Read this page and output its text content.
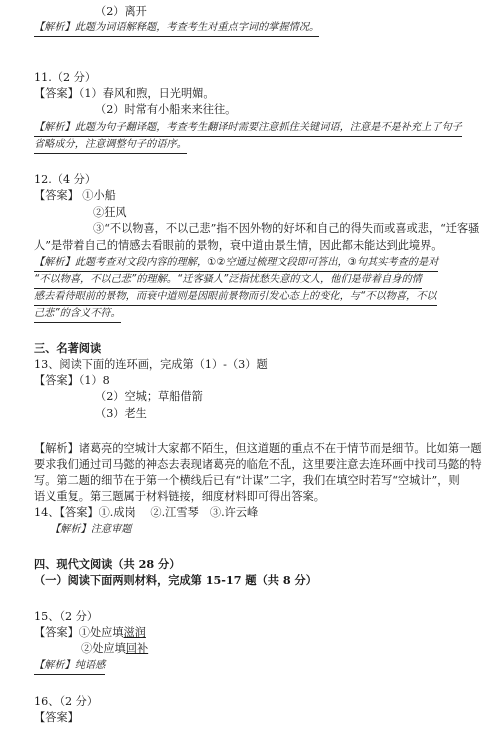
（2）离开
【解析】此题为词语解释题，考查考生对重点字词的掌握情况。
11.（2 分）
【答案】（1）春风和煦，日光明媚。
（2）时常有小船来来往往。
【解析】此题为句子翻译题，考查考生翻译时需要注意抓住关键词语，注意是不是补充上了句子
省略成分，注意调整句子的语序。
12.（4 分）
【答案】 ①小船
②狂风
③“不以物喜，不以己悲”指不因外物的好坏和自己的得失而或喜或悲，“迁客骚
人”是带着自己的情感去看眼前的景物，衰中道由景生情，因此都未能达到此境界。
【解析】此题考查对文段内容的理解，①②空通过梳理文段即可答出，③句其实考查的是对
“不以物喜，不以己悲”的理解。“迁客骚人”泛指忧愁失意的文人，他们是带着自身的情
感去看待眼前的景物，而衰中道则是因眼前景物而引发心态上的变化，与“不以物喜，不以
己悲”的含义不符。
三、名著阅读
13、阅读下面的连环画，完成第（1）-（3）题
【答案】（1）8
（2）空城；草船借箭
（3）老生
【解析】诸葛亮的空城计大家都不陌生，但这道题的重点不在于情节而是细节。比如第一题
要求我们通过司马懿的神态去表现诸葛亮的临危不乱，这里要注意去连环画中找司马懿的特
写。第二题的细节在于第一个横线后已有“计谋”二字，我们在填空时若写“空城计”，则
语义重复。第三题属于材料链接，细度材料即可得出答案。
14、【答案】①.成岗　 ②.江雪琴　③.许云峰
【解析】注意审题
四、现代文阅读（共 28 分）
（一）阅读下面两则材料，完成第 15-17 题（共 8 分）
15、（2 分）
【答案】①处应填滋润
②处应填回补
【解析】纯语感
16、（2 分）
【答案】
